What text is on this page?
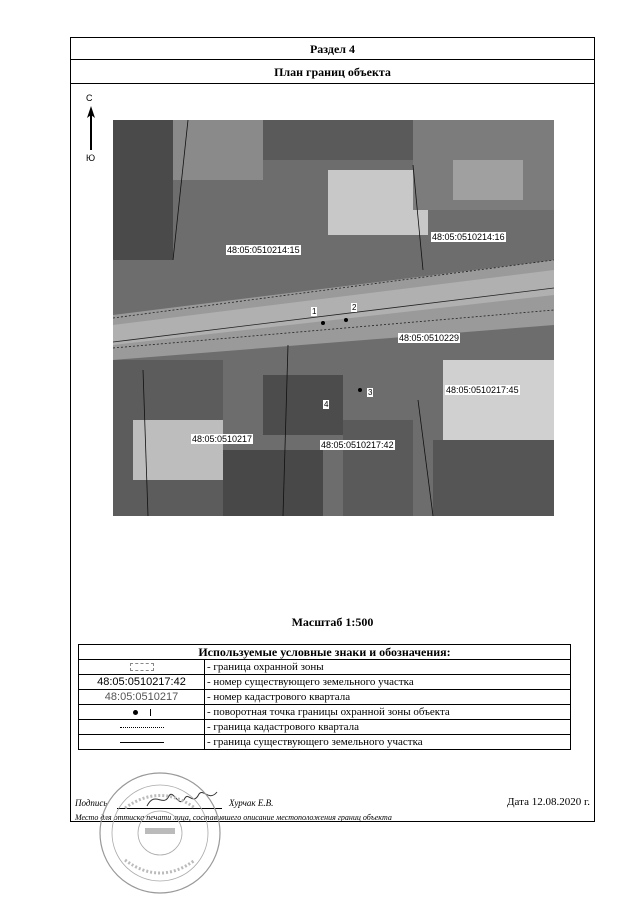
Раздел 4
План границ объекта
С
Ю
48:05:0510214:15
48:05:0510214:16
48:05:0510229
48:05:0510217:45
48:05:0510217
48:05:0510217:42
1	2
3
4
Масштаб 1:500
Используемые условные знаки и обозначения:	
	- граница охранной зоны
48:05:0510217:42	- номер существующего земельного участка
48:05:0510217	- номер кадастрового квартала
	- поворотная точка границы охранной зоны объекта
	- граница кадастрового квартала
	- граница существующего земельного участка
Подпись	Хурчак Е.В.	Дата 12.08.2020 г.
Место для оттиска печати лица, составившего описание местоположения границ объекта
